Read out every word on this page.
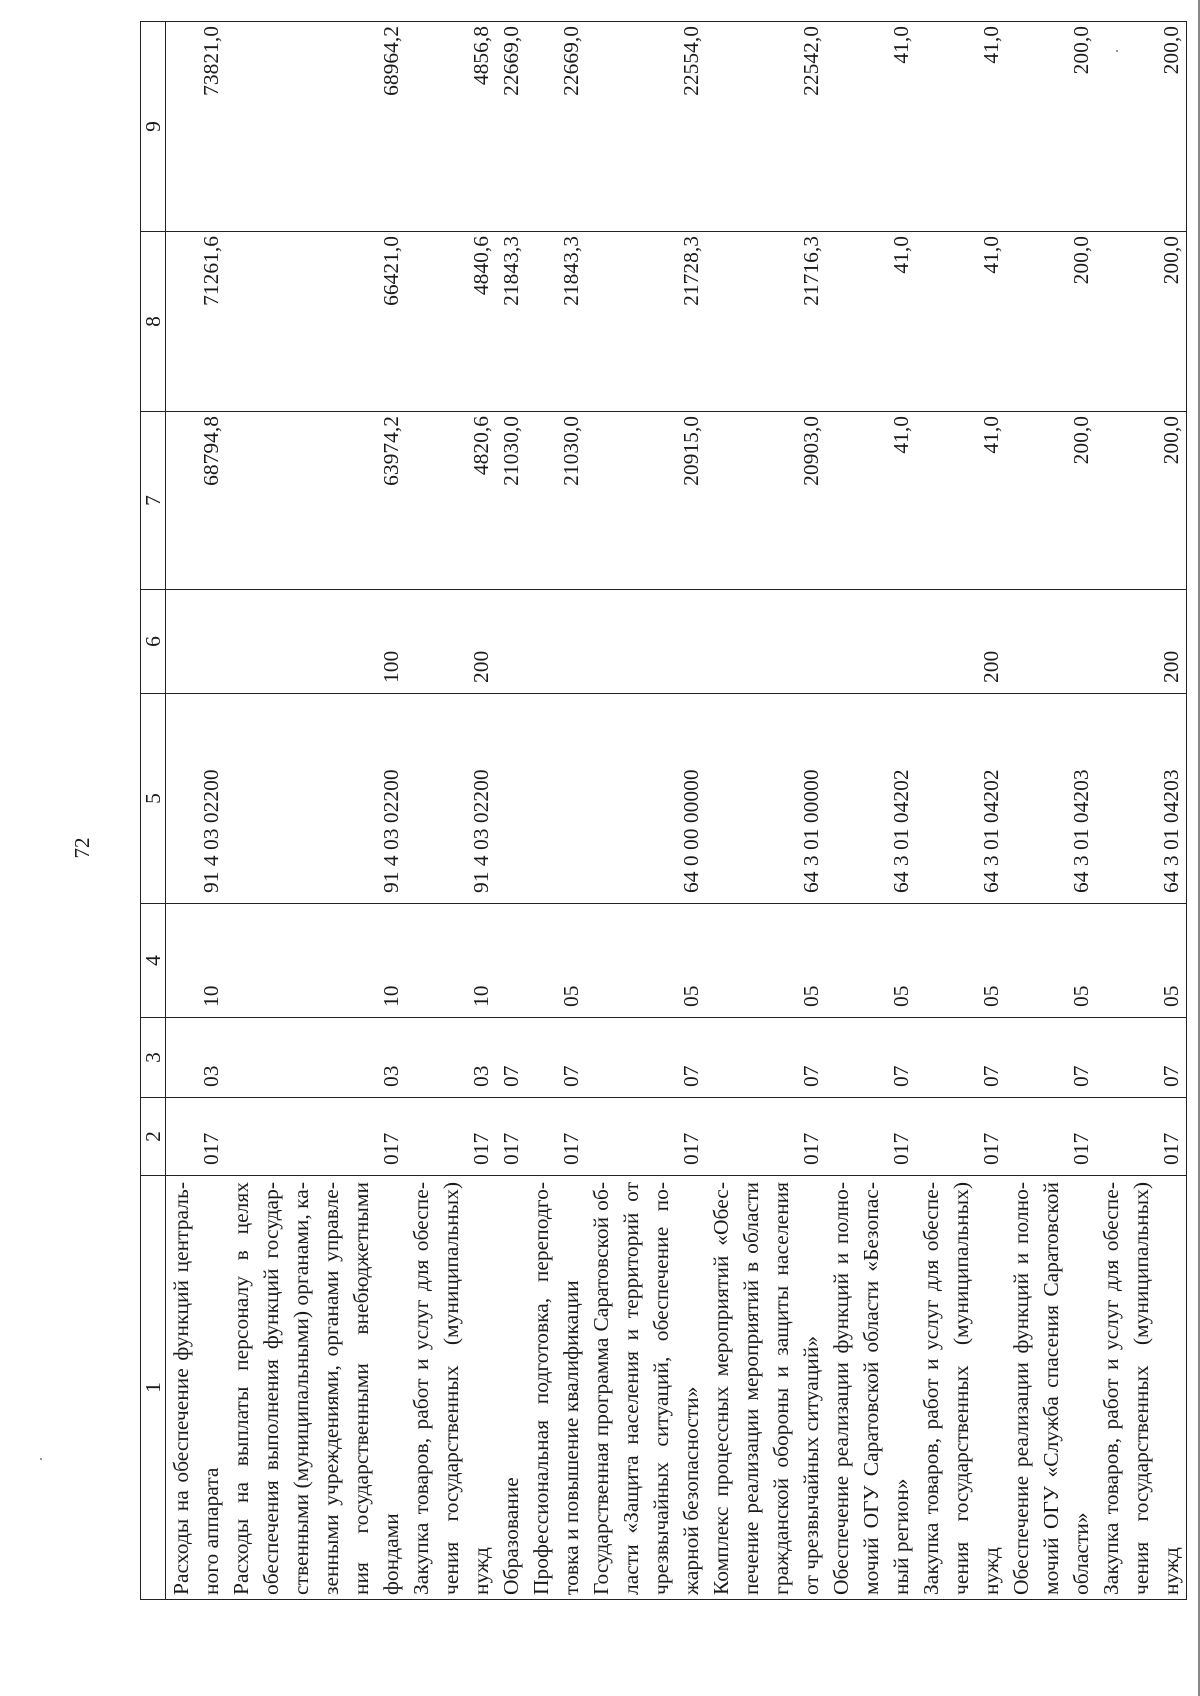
72
1	2	3	4	5	6	7	8	9
Расходы на обеспечение функций централь-ного аппарата	017	03	10	91 4 03 02200		68794,8	71261,6	73821,0
Расходы на выплаты персоналу в целях обеспечения выполнения функций государ-ственными (муниципальными) органами, ка-зенными учреждениями, органами управле-ния государственными внебюджетными фондами	017	03	10	91 4 03 02200	100	63974,2	66421,0	68964,2
Закупка товаров, работ и услуг для обеспе-чения государственных (муниципальных) нужд	017	03	10	91 4 03 02200	200	4820,6	4840,6	4856,8
Образование	017	07				21030,0	21843,3	22669,0
Профессиональная подготовка, переподго-товка и повышение квалификации	017	07	05			21030,0	21843,3	22669,0
Государственная программа Саратовской об-ласти «Защита населения и территорий от чрезвычайных ситуаций, обеспечение по-жарной безопасности»	017	07	05	64 0 00 00000		20915,0	21728,3	22554,0
Комплекс процессных мероприятий «Обес-печение реализации мероприятий в области гражданской обороны и защиты населения от чрезвычайных ситуаций»	017	07	05	64 3 01 00000		20903,0	21716,3	22542,0
Обеспечение реализации функций и полно-мочий ОГУ Саратовской области «Безопас-ный регион»	017	07	05	64 3 01 04202		41,0	41,0	41,0
Закупка товаров, работ и услуг для обеспе-чения государственных (муниципальных) нужд	017	07	05	64 3 01 04202	200	41,0	41,0	41,0
Обеспечение реализации функций и полно-мочий ОГУ «Служба спасения Саратовской области»	017	07	05	64 3 01 04203		200,0	200,0	200,0
Закупка товаров, работ и услуг для обеспе-чения государственных (муниципальных) нужд	017	07	05	64 3 01 04203	200	200,0	200,0	200,0
